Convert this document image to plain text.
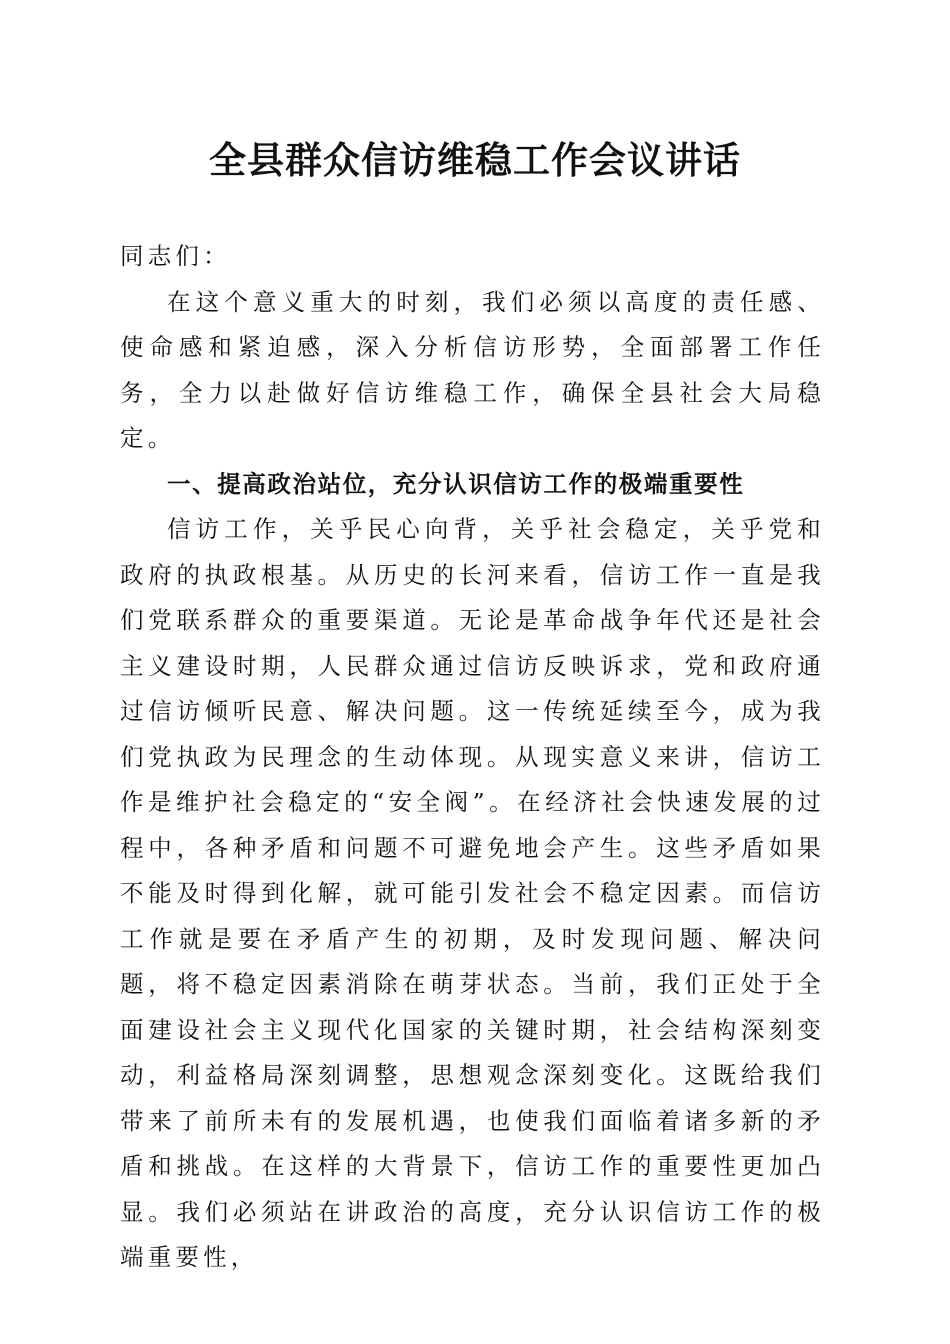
全县群众信访维稳工作会议讲话

同志们：

在这个意义重大的时刻，我们必须以高度的责任感、使命感和紧迫感，深入分析信访形势，全面部署工作任务，全力以赴做好信访维稳工作，确保全县社会大局稳定。

一、提高政治站位，充分认识信访工作的极端重要性

信访工作，关乎民心向背，关乎社会稳定，关乎党和政府的执政根基。从历史的长河来看，信访工作一直是我们党联系群众的重要渠道。无论是革命战争年代还是社会主义建设时期，人民群众通过信访反映诉求，党和政府通过信访倾听民意、解决问题。这一传统延续至今，成为我们党执政为民理念的生动体现。从现实意义来讲，信访工作是维护社会稳定的“安全阀”。在经济社会快速发展的过程中，各种矛盾和问题不可避免地会产生。这些矛盾如果不能及时得到化解，就可能引发社会不稳定因素。而信访工作就是要在矛盾产生的初期，及时发现问题、解决问题，将不稳定因素消除在萌芽状态。当前，我们正处于全面建设社会主义现代化国家的关键时期，社会结构深刻变动，利益格局深刻调整，思想观念深刻变化。这既给我们带来了前所未有的发展机遇，也使我们面临着诸多新的矛盾和挑战。在这样的大背景下，信访工作的重要性更加凸显。我们必须站在讲政治的高度，充分认识信访工作的极端重要性，
